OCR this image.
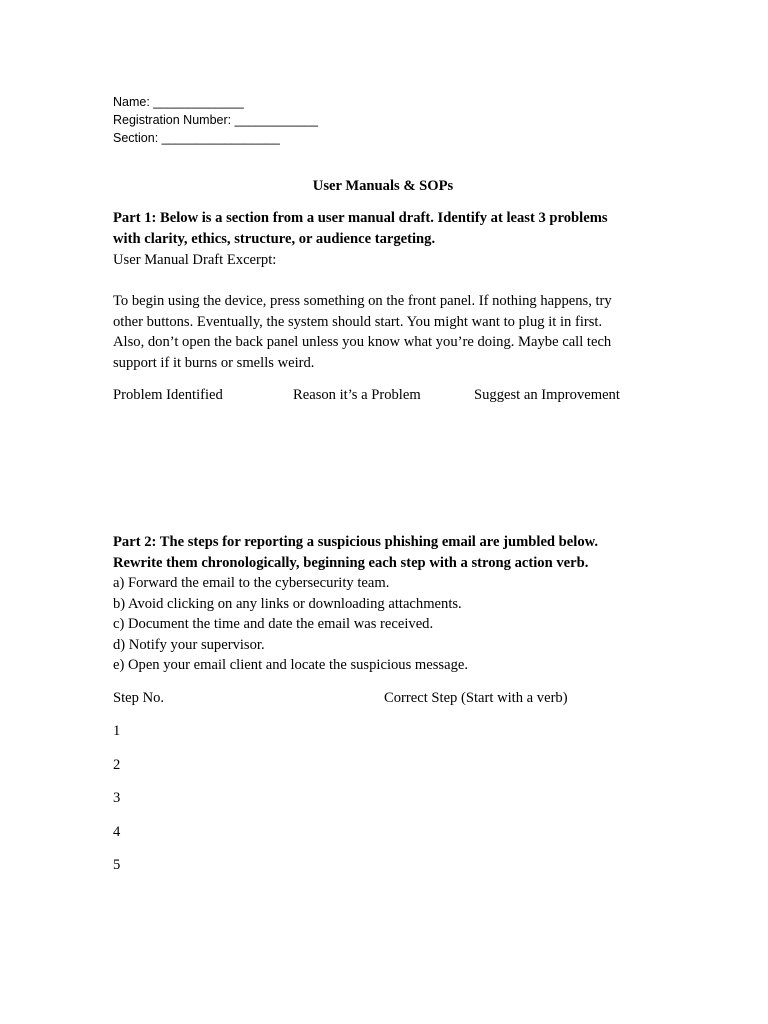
Name: _____________
Registration Number: ____________
Section: _________________
User Manuals & SOPs
Part 1: Below is a section from a user manual draft. Identify at least 3 problems
with clarity, ethics, structure, or audience targeting.
User Manual Draft Excerpt:
To begin using the device, press something on the front panel. If nothing happens, try
other buttons. Eventually, the system should start. You might want to plug it in first.
Also, don’t open the back panel unless you know what you’re doing. Maybe call tech
support if it burns or smells weird.
Problem Identified	Reason it’s a Problem	Suggest an Improvement
Part 2: The steps for reporting a suspicious phishing email are jumbled below.
Rewrite them chronologically, beginning each step with a strong action verb.
a) Forward the email to the cybersecurity team.
b) Avoid clicking on any links or downloading attachments.
c) Document the time and date the email was received.
d) Notify your supervisor.
e) Open your email client and locate the suspicious message.
Step No.	Correct Step (Start with a verb)
1
2
3
4
5
